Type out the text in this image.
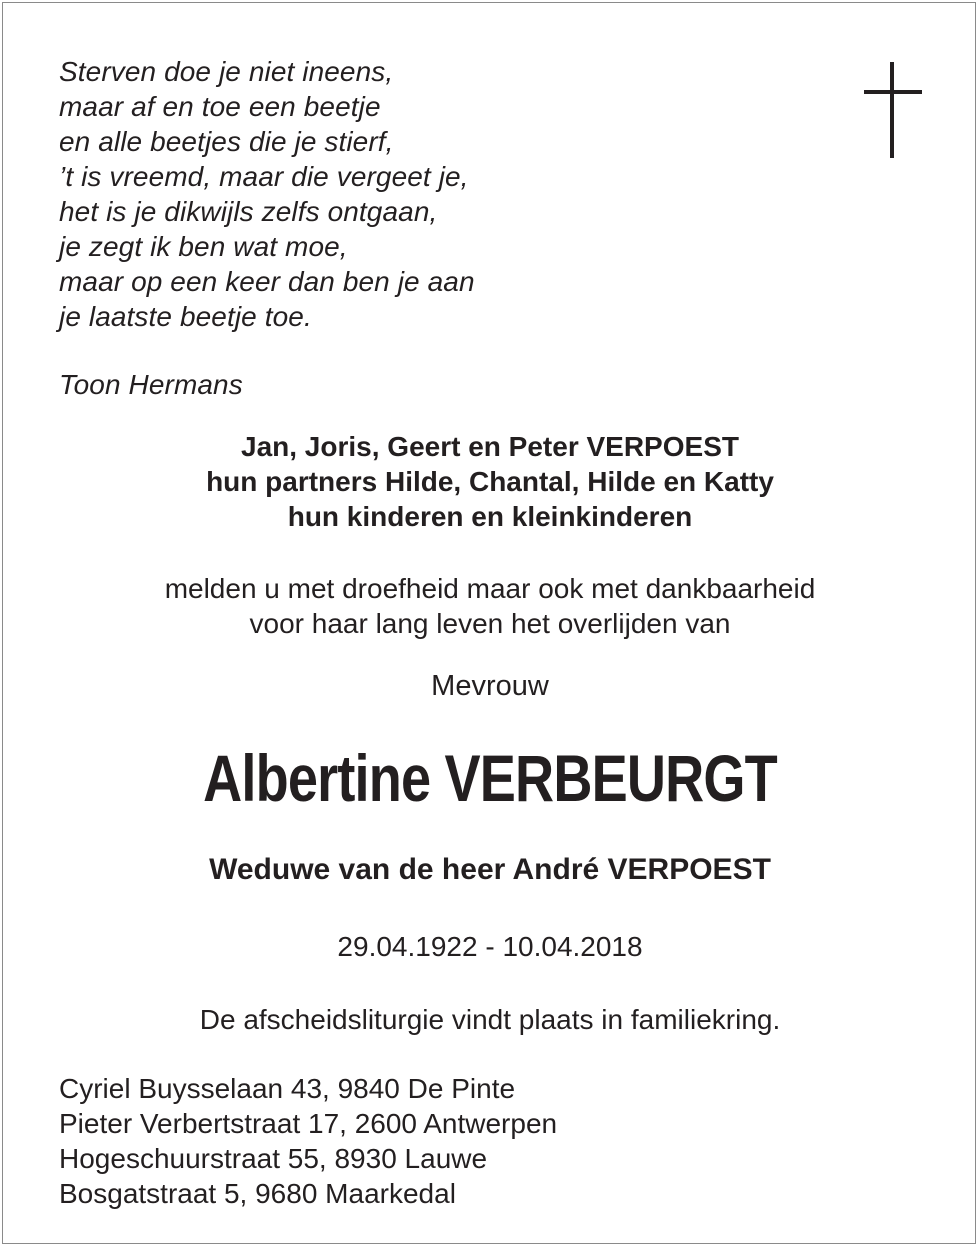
Sterven doe je niet ineens,
maar af en toe een beetje
en alle beetjes die je stierf,
’t is vreemd, maar die vergeet je,
het is je dikwijls zelfs ontgaan,
je zegt ik ben wat moe,
maar op een keer dan ben je aan
je laatste beetje toe.
Toon Hermans
Jan, Joris, Geert en Peter VERPOEST
hun partners Hilde, Chantal, Hilde en Katty
hun kinderen en kleinkinderen
melden u met droefheid maar ook met dankbaarheid
voor haar lang leven het overlijden van
Mevrouw
Albertine VERBEURGT
Weduwe van de heer André VERPOEST
29.04.1922 - 10.04.2018
De afscheidsliturgie vindt plaats in familiekring.
Cyriel Buysselaan 43, 9840 De Pinte
Pieter Verbertstraat 17, 2600 Antwerpen
Hogeschuurstraat 55, 8930 Lauwe
Bosgatstraat 5, 9680 Maarkedal
